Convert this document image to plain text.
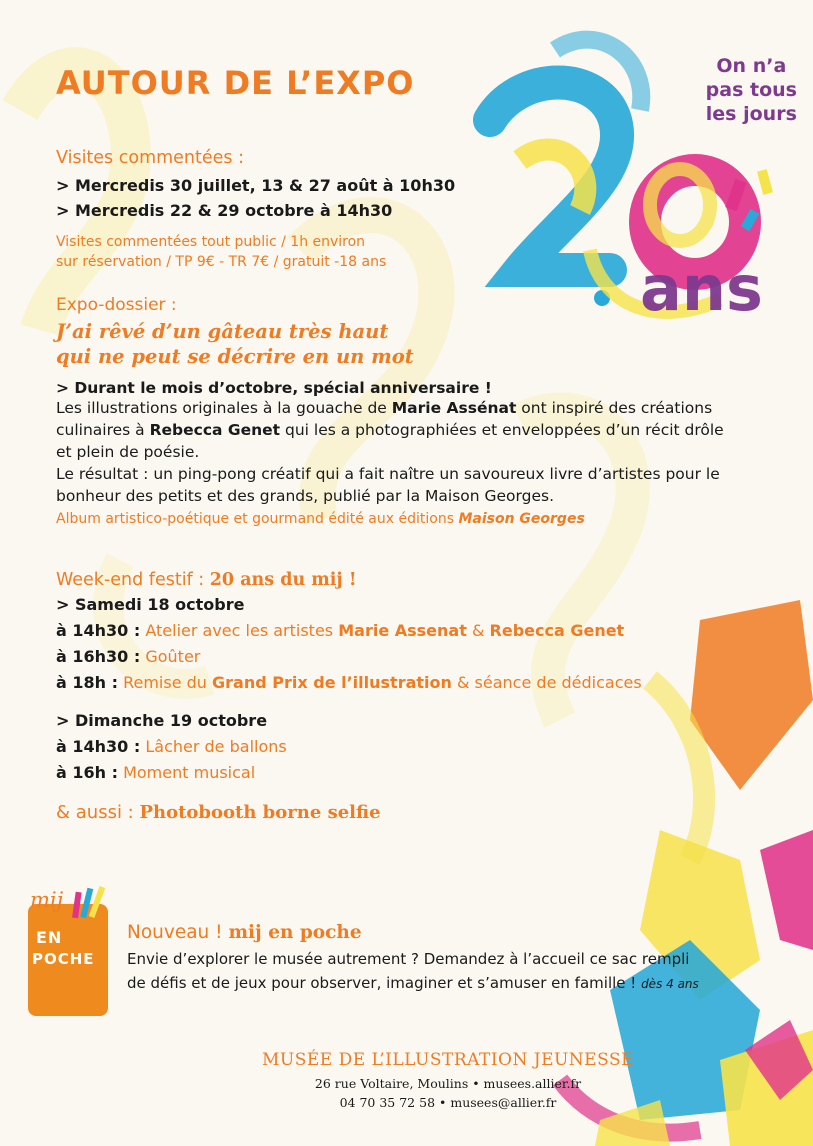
ans
20
On n’a
pas tous
les jours
AUTOUR DE L’EXPO
Visites commentées :
> Mercredis 30 juillet, 13 & 27 août à 10h30
> Mercredis 22 & 29 octobre à 14h30
Visites commentées tout public / 1h environ
sur réservation / TP 9€ - TR 7€ / gratuit -18 ans
Expo-dossier :
J’ai rêvé d’un gâteau très haut
qui ne peut se décrire en un mot
> Durant le mois d’octobre, spécial anniversaire !
Les illustrations originales à la gouache de Marie Assénat ont inspiré des créations culinaires à Rebecca Genet qui les a photographiées et enveloppées d’un récit drôle et plein de poésie.
Le résultat : un ping-pong créatif qui a fait naître un savoureux livre d’artistes pour le bonheur des petits et des grands, publié par la Maison Georges.
Album artistico-poétique et gourmand édité aux éditions Maison Georges
Week-end festif : 20 ans du mij !
> Samedi 18 octobre
à 14h30 : Atelier avec les artistes Marie Assenat & Rebecca Genet
à 16h30 : Goûter
à 18h : Remise du Grand Prix de l’illustration & séance de dédicaces
> Dimanche 19 octobre
à 14h30 : Lâcher de ballons
à 16h : Moment musical
& aussi : Photobooth borne selfie
EN
POCHE
mij
Nouveau ! mij en poche
Envie d’explorer le musée autrement ? Demandez à l’accueil ce sac rempli
de défis et de jeux pour observer, imaginer et s’amuser en famille ! dès 4 ans
MUSÉE DE L’ILLUSTRATION JEUNESSE
26 rue Voltaire, Moulins • musees.allier.fr
04 70 35 72 58 • musees@allier.fr
